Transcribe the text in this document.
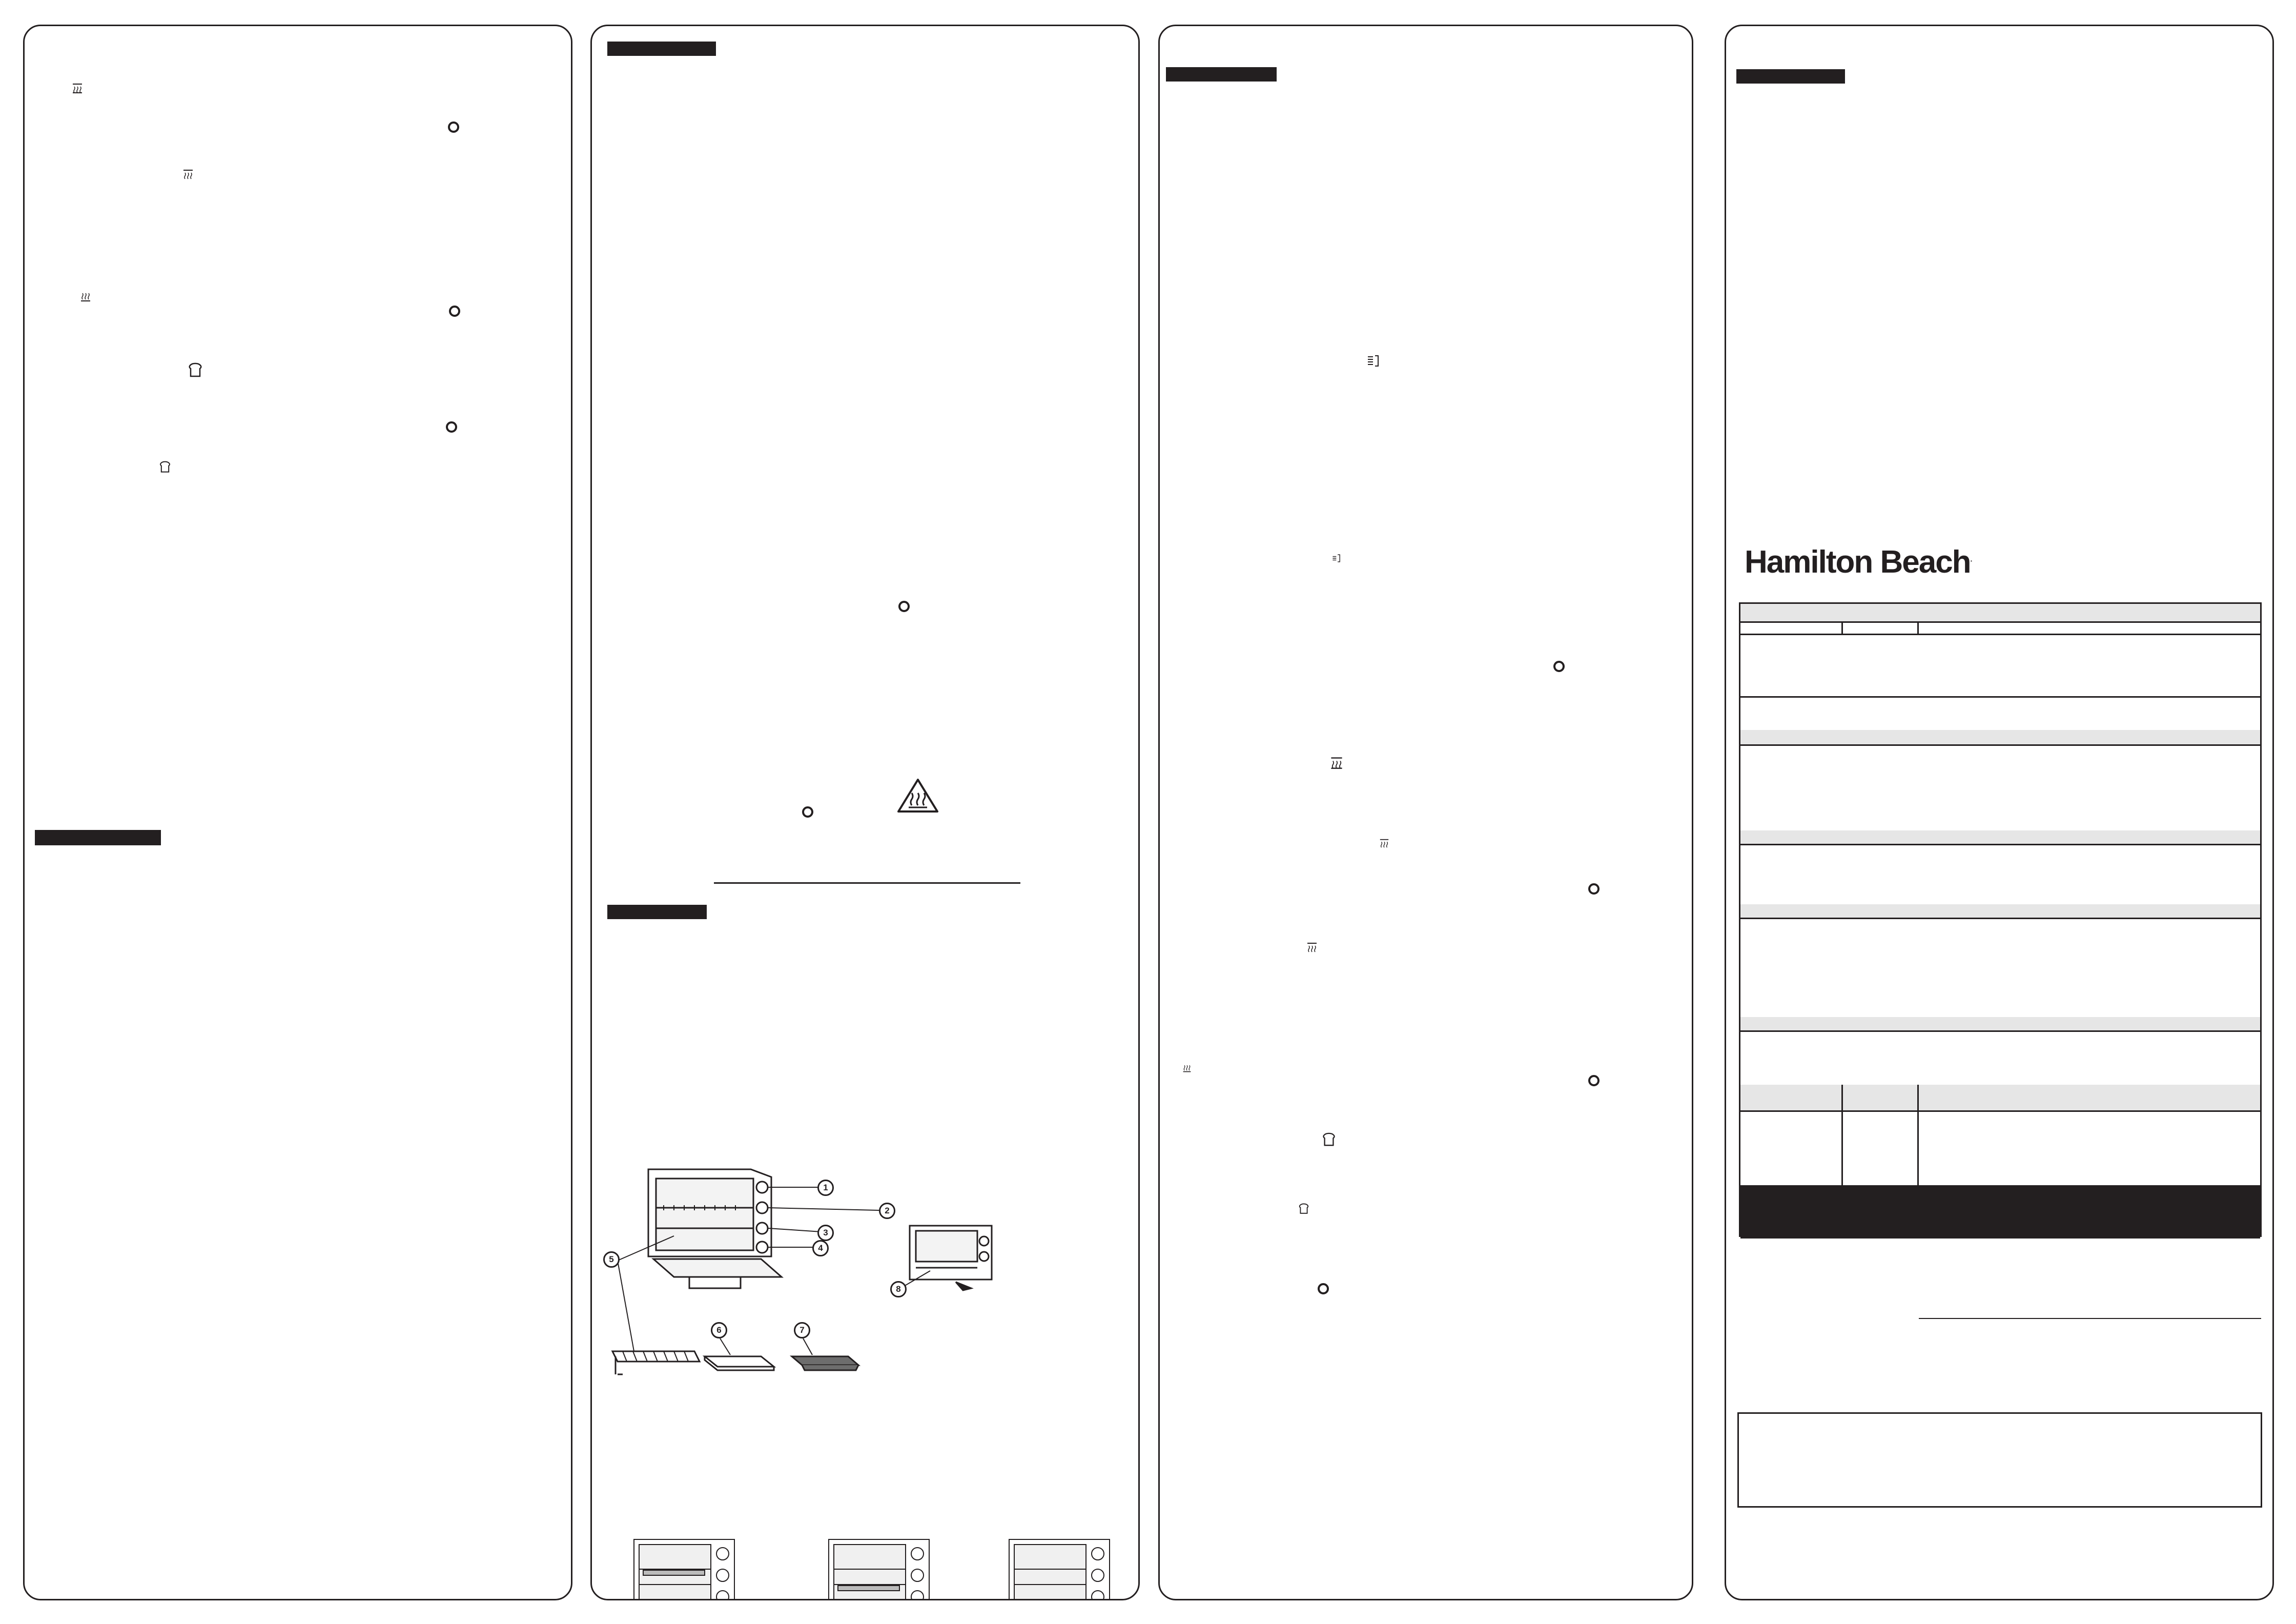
1
2
3
4
5
6	7
8
Hamilton Beach.
